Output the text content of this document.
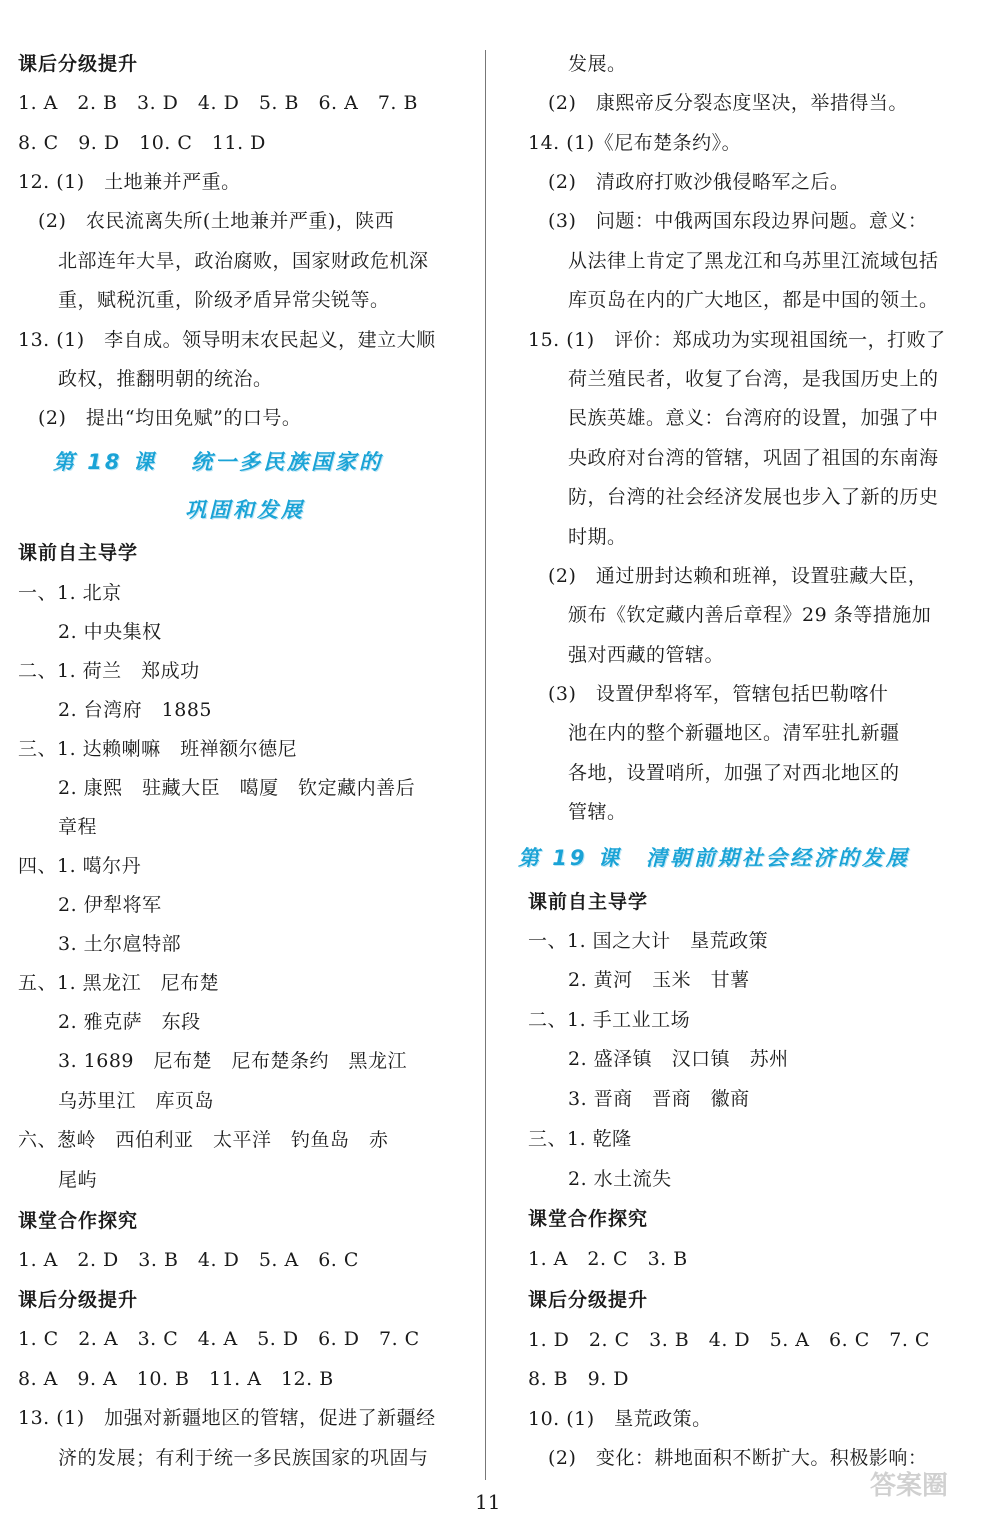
课后分级提升
1. A　2. B　3. D　4. D　5. B　6. A　7. B
8. C　9. D　10. C　11. D
12. (1)　土地兼并严重。
(2)　农民流离失所(土地兼并严重)，陕西
北部连年大旱，政治腐败，国家财政危机深
重，赋税沉重，阶级矛盾异常尖锐等。
13. (1)　李自成。领导明末农民起义，建立大顺
政权，推翻明朝的统治。
(2)　提出“均田免赋”的口号。
第 18 课　 统一多民族国家的
巩固和发展
课前自主导学
一、1. 北京
2. 中央集权
二、1. 荷兰　郑成功
2. 台湾府　1885
三、1. 达赖喇嘛　班禅额尔德尼
2. 康熙　驻藏大臣　噶厦　钦定藏内善后
章程
四、1. 噶尔丹
2. 伊犁将军
3. 土尔扈特部
五、1. 黑龙江　尼布楚
2. 雅克萨　东段
3. 1689　尼布楚　尼布楚条约　黑龙江
乌苏里江　库页岛
六、葱岭　西伯利亚　太平洋　钓鱼岛　赤
尾屿
课堂合作探究
1. A　2. D　3. B　4. D　5. A　6. C
课后分级提升
1. C　2. A　3. C　4. A　5. D　6. D　7. C
8. A　9. A　10. B　11. A　12. B
13. (1)　加强对新疆地区的管辖，促进了新疆经
济的发展；有利于统一多民族国家的巩固与
发展。
(2)　康熙帝反分裂态度坚决，举措得当。
14. (1)《尼布楚条约》。
(2)　清政府打败沙俄侵略军之后。
(3)　问题：中俄两国东段边界问题。意义：
从法律上肯定了黑龙江和乌苏里江流域包括
库页岛在内的广大地区，都是中国的领土。
15. (1)　评价：郑成功为实现祖国统一，打败了
荷兰殖民者，收复了台湾，是我国历史上的
民族英雄。意义：台湾府的设置，加强了中
央政府对台湾的管辖，巩固了祖国的东南海
防，台湾的社会经济发展也步入了新的历史
时期。
(2)　通过册封达赖和班禅，设置驻藏大臣，
颁布《钦定藏内善后章程》29 条等措施加
强对西藏的管辖。
(3)　设置伊犁将军，管辖包括巴勒喀什
池在内的整个新疆地区。清军驻扎新疆
各地，设置哨所，加强了对西北地区的
管辖。
第 19 课　清朝前期社会经济的发展
课前自主导学
一、1. 国之大计　垦荒政策
2. 黄河　玉米　甘薯
二、1. 手工业工场
2. 盛泽镇　汉口镇　苏州
3. 晋商　晋商　徽商
三、1. 乾隆
2. 水土流失
课堂合作探究
1. A　2. C　3. B
课后分级提升
1. D　2. C　3. B　4. D　5. A　6. C　7. C
8. B　9. D
10. (1)　垦荒政策。
(2)　变化：耕地面积不断扩大。积极影响：
11
答案圈
